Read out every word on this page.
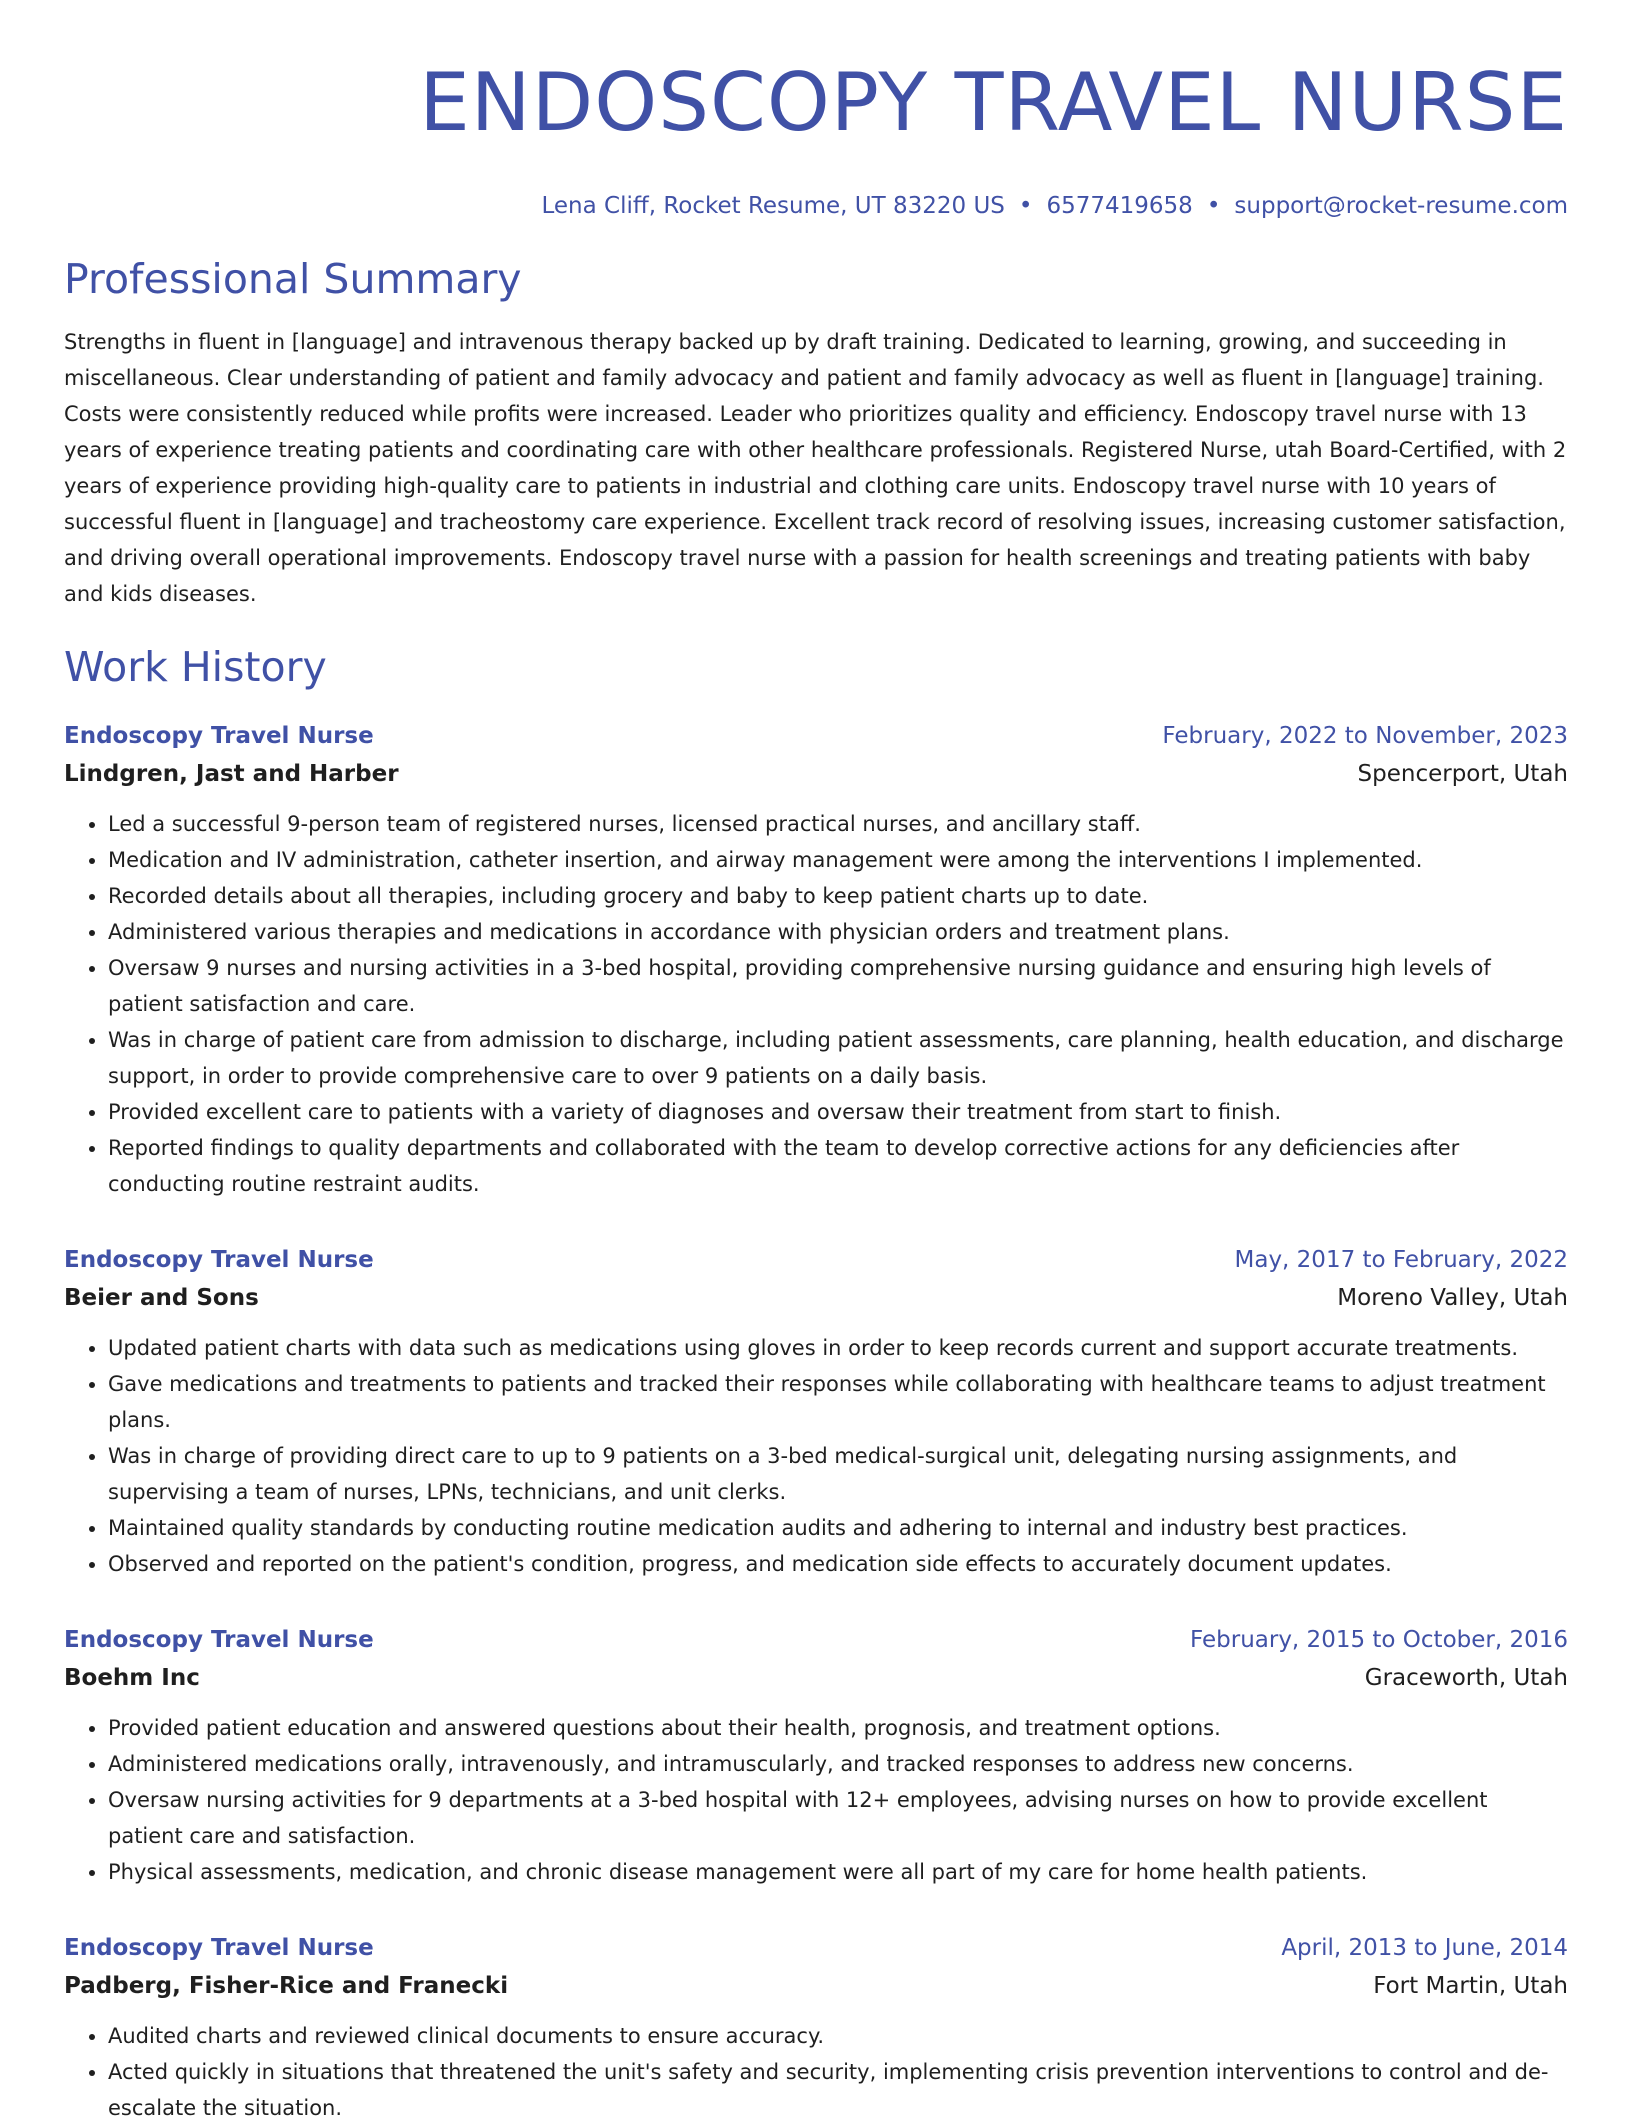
ENDOSCOPY TRAVEL NURSE
Lena Cliff, Rocket Resume, UT 83220 US • 6577419658 • support@rocket-resume.com
Professional Summary
Strengths in fluent in [language] and intravenous therapy backed up by draft training. Dedicated to learning, growing, and succeeding in miscellaneous. Clear understanding of patient and family advocacy and patient and family advocacy as well as fluent in [language] training. Costs were consistently reduced while profits were increased. Leader who prioritizes quality and efficiency. Endoscopy travel nurse with 13 years of experience treating patients and coordinating care with other healthcare professionals. Registered Nurse, utah Board-Certified, with 2 years of experience providing high-quality care to patients in industrial and clothing care units. Endoscopy travel nurse with 10 years of successful fluent in [language] and tracheostomy care experience. Excellent track record of resolving issues, increasing customer satisfaction, and driving overall operational improvements. Endoscopy travel nurse with a passion for health screenings and treating patients with baby and kids diseases.
Work History
Endoscopy Travel Nurse	February, 2022 to November, 2023
Lindgren, Jast and Harber	Spencerport, Utah
• Led a successful 9-person team of registered nurses, licensed practical nurses, and ancillary staff.
• Medication and IV administration, catheter insertion, and airway management were among the interventions I implemented.
• Recorded details about all therapies, including grocery and baby to keep patient charts up to date.
• Administered various therapies and medications in accordance with physician orders and treatment plans.
• Oversaw 9 nurses and nursing activities in a 3-bed hospital, providing comprehensive nursing guidance and ensuring high levels of patient satisfaction and care.
• Was in charge of patient care from admission to discharge, including patient assessments, care planning, health education, and discharge support, in order to provide comprehensive care to over 9 patients on a daily basis.
• Provided excellent care to patients with a variety of diagnoses and oversaw their treatment from start to finish.
• Reported findings to quality departments and collaborated with the team to develop corrective actions for any deficiencies after conducting routine restraint audits.
Endoscopy Travel Nurse	May, 2017 to February, 2022
Beier and Sons	Moreno Valley, Utah
• Updated patient charts with data such as medications using gloves in order to keep records current and support accurate treatments.
• Gave medications and treatments to patients and tracked their responses while collaborating with healthcare teams to adjust treatment plans.
• Was in charge of providing direct care to up to 9 patients on a 3-bed medical-surgical unit, delegating nursing assignments, and supervising a team of nurses, LPNs, technicians, and unit clerks.
• Maintained quality standards by conducting routine medication audits and adhering to internal and industry best practices.
• Observed and reported on the patient's condition, progress, and medication side effects to accurately document updates.
Endoscopy Travel Nurse	February, 2015 to October, 2016
Boehm Inc	Graceworth, Utah
• Provided patient education and answered questions about their health, prognosis, and treatment options.
• Administered medications orally, intravenously, and intramuscularly, and tracked responses to address new concerns.
• Oversaw nursing activities for 9 departments at a 3-bed hospital with 12+ employees, advising nurses on how to provide excellent patient care and satisfaction.
• Physical assessments, medication, and chronic disease management were all part of my care for home health patients.
Endoscopy Travel Nurse	April, 2013 to June, 2014
Padberg, Fisher-Rice and Franecki	Fort Martin, Utah
• Audited charts and reviewed clinical documents to ensure accuracy.
• Acted quickly in situations that threatened the unit's safety and security, implementing crisis prevention interventions to control and de-escalate the situation.
